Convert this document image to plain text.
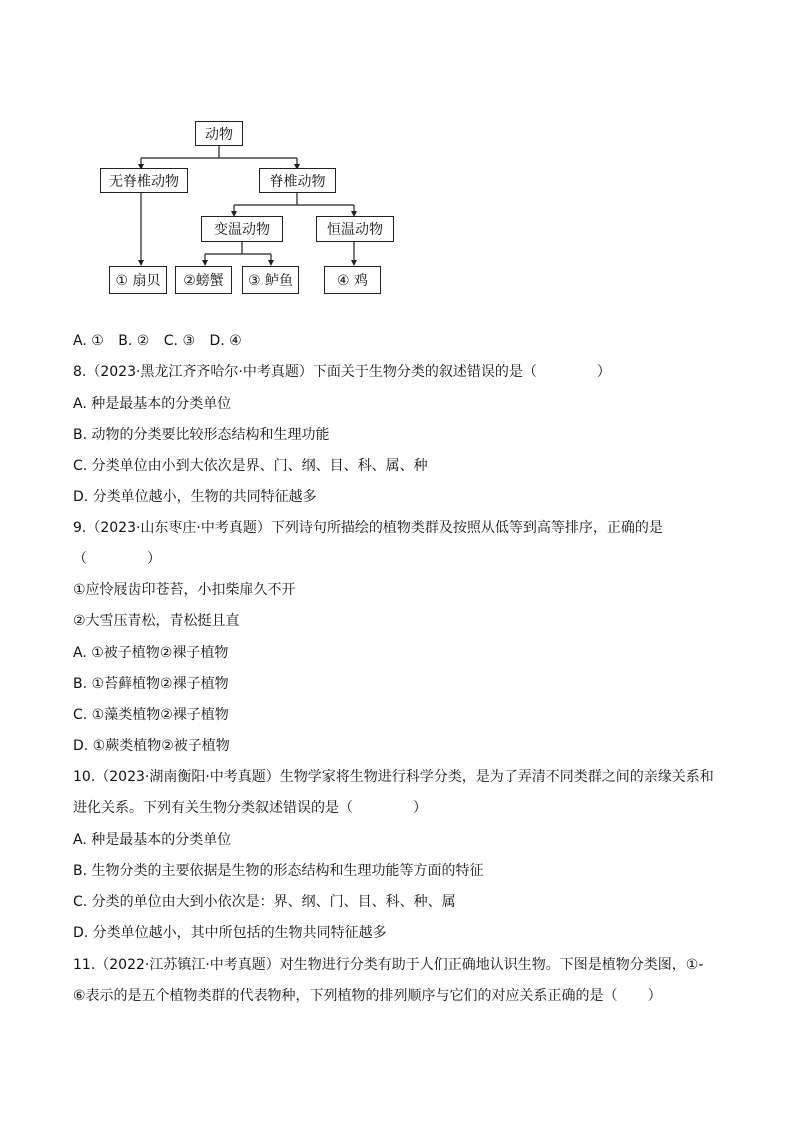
动物
无脊椎动物	脊椎动物
变温动物	恒温动物
① 扇贝	②螃蟹	③ 鲈鱼	④ 鸡
A. ① B. ② C. ③ D. ④
8.（2023·黑龙江齐齐哈尔·中考真题）下面关于生物分类的叙述错误的是（	）
A. 种是最基本的分类单位
B. 动物的分类要比较形态结构和生理功能
C. 分类单位由小到大依次是界、门、纲、目、科、属、种
D. 分类单位越小，生物的共同特征越多
9.（2023·山东枣庄·中考真题）下列诗句所描绘的植物类群及按照从低等到高等排序，正确的是
（	）
①应怜屐齿印苍苔，小扣柴扉久不开
②大雪压青松，青松挺且直
A. ①被子植物②裸子植物
B. ①苔藓植物②裸子植物
C. ①藻类植物②裸子植物
D. ①蕨类植物②被子植物
10.（2023·湖南衡阳·中考真题）生物学家将生物进行科学分类，是为了弄清不同类群之间的亲缘关系和
进化关系。下列有关生物分类叙述错误的是（	）
A. 种是最基本的分类单位
B. 生物分类的主要依据是生物的形态结构和生理功能等方面的特征
C. 分类的单位由大到小依次是：界、纲、门、目、科、种、属
D. 分类单位越小，其中所包括的生物共同特征越多
11.（2022·江苏镇江·中考真题）对生物进行分类有助于人们正确地认识生物。下图是植物分类图，①-
⑥表示的是五个植物类群的代表物种，下列植物的排列顺序与它们的对应关系正确的是（ ）
